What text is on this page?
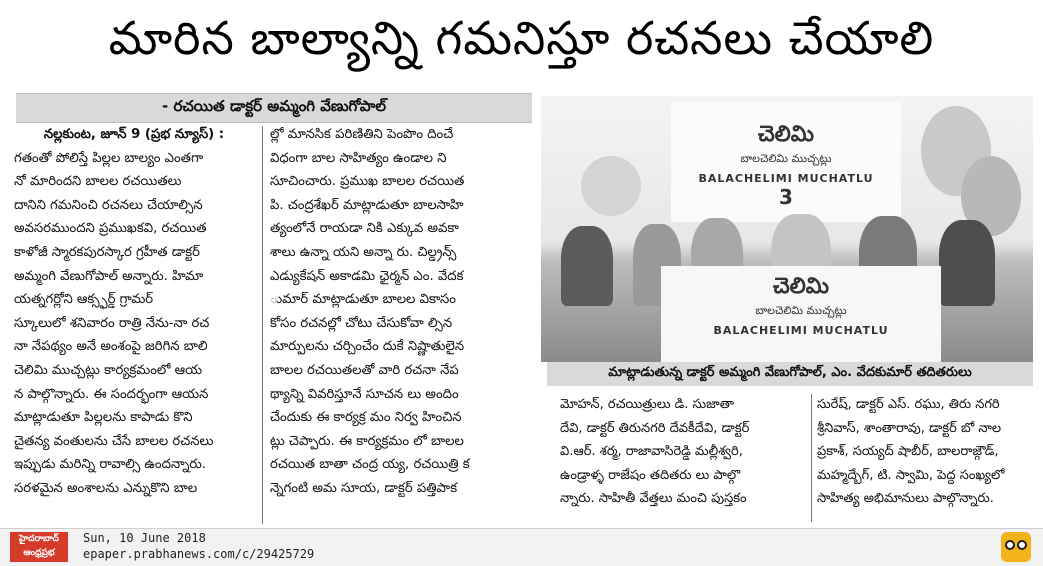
మారిన బాల్యాన్ని గమనిస్తూ రచనలు చేయాలి
- రచయిత డాక్టర్ అమ్మంగి వేణుగోపాల్

నల్లకుంట, జూన్ 9 (ప్రభ న్యూస్) :

గతంతో పోలిస్తే పిల్లల బాల్యం ఎంతగా

నో మారిందని బాలల రచయితలు

దానిని గమనించి రచనలు చేయాల్సిన

అవసరముందని ప్రముఖకవి, రచయిత

కాళోజీ స్మారకపురస్కార గ్రహీత డాక్టర్

అమ్మంగి వేణుగోపాల్ అన్నారు. హిమా

యత్నగర్లోని ఆక్స్ఫర్డ్ గ్రామర్

స్కూలులో శనివారం రాత్రి నేను-నా రచ

నా నేపథ్యం అనే అంశంపై జరిగిన బాలి

చెలిమి ముచ్చట్లు కార్యక్రమంలో ఆయ

న పాల్గొన్నారు. ఈ సందర్భంగా ఆయన

మాట్లాడుతూ పిల్లలను కాపాడు కొని

చైతన్య వంతులను చేసే బాలల రచనలు

ఇప్పుడు మరిన్ని రావాల్సి ఉందన్నారు.

సరళమైన అంశాలను ఎన్నుకొని బాల

ల్లో మానసిక పరిణితిని పెంపొం దించే

విధంగా బాల సాహిత్యం ఉండాల ని

సూచించారు. ప్రముఖ బాలల రచయిత

పి. చంద్రశేఖర్ మాట్లాడుతూ బాలసాహి

త్యంలోనే రాయడా నికి ఎక్కువ అవకా

శాలు ఉన్నా యని అన్నా రు. చిల్డ్రన్స్

ఎడ్యుకేషన్ అకాడమి ఛైర్మన్ ఎం. వేదక

ుమార్ మాట్లాడుతూ బాలల వికాసం

కోసం రచనల్లో చోటు చేసుకోవా ల్సిన

మార్పులను చర్చించేం దుకే నిష్ణాతులైన

బాలల రచయితలతో వారి రచనా నేప

థ్యాన్ని వివరిస్తూనే సూచన లు అందిం

చేందుకు ఈ కార్యక్ర మం నిర్వ హించిన

ట్లు చెప్పారు. ఈ కార్యక్రమం లో బాలల

రచయిత బాతా చంద్ర య్య, రచయిత్రి క

న్నెగంటి అమ సూయ, డాక్టర్ పత్తిపాక

చెలిమి
బాలచెలిమి ముచ్చట్లు
BALACHELIMI MUCHATLU
3
చెలిమి
బాలచెలిమి ముచ్చట్లు
BALACHELIMI MUCHATLU
మాట్లాడుతున్న డాక్టర్ అమ్మంగి వేణుగోపాల్, ఎం. వేదకుమార్ తదితరులు

మోహన్, రచయిత్రులు డి. సుజాతా

దేవి, డాక్టర్ తిరునగరి దేవకీదేవి, డాక్టర్

వి.ఆర్. శర్మ, రాజావాసిరెడ్డి మల్లీశ్వరి,

ఉండ్రాళ్ళ రాజేషం తదితరు లు పాల్గొ

న్నారు. సాహితీ వేత్తలు మంచి పుస్తకం

సురేష్, డాక్టర్ ఎస్. రఘు, తిరు నగరి

శ్రీనివాస్, శాంతారావు, డాక్టర్ బో నాల

ప్రకాశ్, సయ్యద్ షాబీర్, బాలరాజ్గౌడ్,

మహ్మద్బేగ్, టి. స్వామి, పెద్ద సంఖ్యలో

సాహిత్య అభిమానులు పాల్గొన్నారు.

హైదరాబాద్
ఆంధ్రప్రభ
Sun, 10 June 2018
epaper.prabhanews.com/c/29425729
